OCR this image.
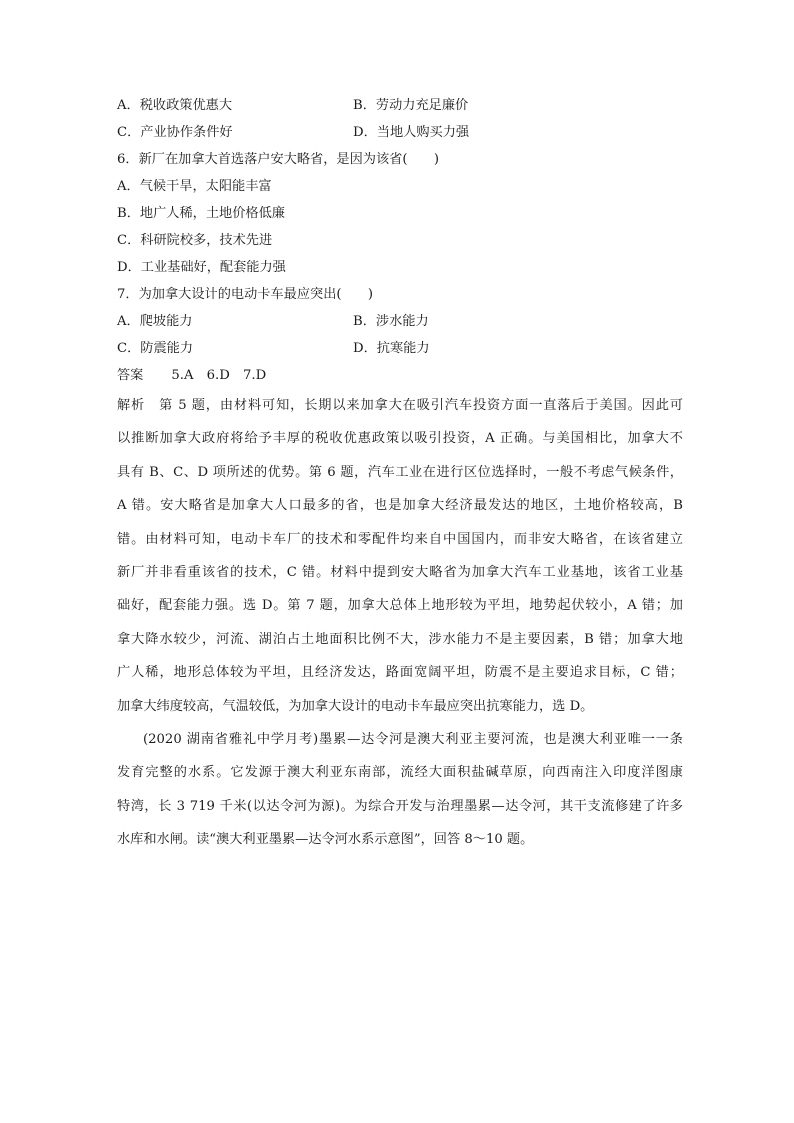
A．税收政策优惠大	B．劳动力充足廉价
C．产业协作条件好	D．当地人购买力强
6．新厂在加拿大首选落户安大略省，是因为该省(　　)
A．气候干旱，太阳能丰富
B．地广人稀，土地价格低廉
C．科研院校多，技术先进
D．工业基础好，配套能力强
7．为加拿大设计的电动卡车最应突出(　　)
A．爬坡能力	B．涉水能力
C．防震能力	D．抗寒能力
答案 5.A　6.D　7.D
解析 第 5 题，由材料可知，长期以来加拿大在吸引汽车投资方面一直落后于美国。因此可
以推断加拿大政府将给予丰厚的税收优惠政策以吸引投资，A 正确。与美国相比，加拿大不
具有 B、C、D 项所述的优势。第 6 题，汽车工业在进行区位选择时，一般不考虑气候条件，
A 错。安大略省是加拿大人口最多的省，也是加拿大经济最发达的地区，土地价格较高，B
错。由材料可知，电动卡车厂的技术和零配件均来自中国国内，而非安大略省，在该省建立
新厂并非看重该省的技术，C 错。材料中提到安大略省为加拿大汽车工业基地，该省工业基
础好，配套能力强。选 D。第 7 题，加拿大总体上地形较为平坦，地势起伏较小，A 错；加
拿大降水较少，河流、湖泊占土地面积比例不大，涉水能力不是主要因素，B 错；加拿大地
广人稀，地形总体较为平坦，且经济发达，路面宽阔平坦，防震不是主要追求目标，C 错；
加拿大纬度较高，气温较低，为加拿大设计的电动卡车最应突出抗寒能力，选 D。
(2020 湖南省雅礼中学月考)墨累—达令河是澳大利亚主要河流，也是澳大利亚唯一一条
发育完整的水系。它发源于澳大利亚东南部，流经大面积盐碱草原，向西南注入印度洋图康
特湾，长 3 719 千米(以达令河为源)。为综合开发与治理墨累—达令河，其干支流修建了许多
水库和水闸。读“澳大利亚墨累—达令河水系示意图”，回答 8～10 题。
